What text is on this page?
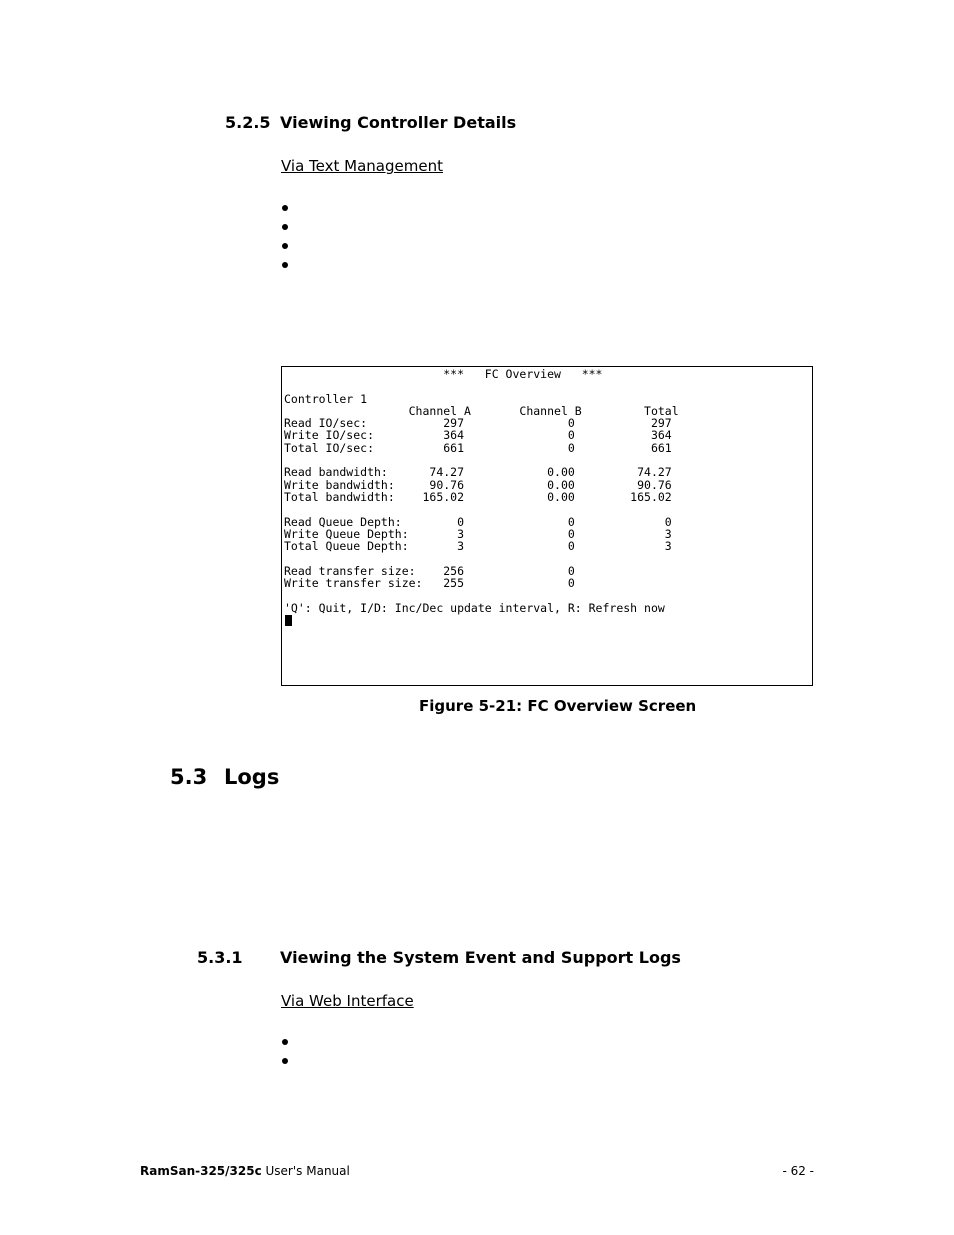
5.2.5 Viewing Controller Details
Via Text Management
***   FC Overview   ***

Controller 1
Channel A       Channel B         Total
Read IO/sec:           297               0           297
Write IO/sec:          364               0           364
Total IO/sec:          661               0           661

Read bandwidth:      74.27            0.00         74.27
Write bandwidth:     90.76            0.00         90.76
Total bandwidth:    165.02            0.00        165.02

Read Queue Depth:        0               0             0
Write Queue Depth:       3               0             3
Total Queue Depth:       3               0             3

Read transfer size:    256               0
Write transfer size:   255               0

'Q': Quit, I/D: Inc/Dec update interval, R: Refresh now
Figure 5-21: FC Overview Screen
5.3 Logs
5.3.1 Viewing the System Event and Support Logs
Via Web Interface
RamSan-325/325c User's Manual	- 62 -
